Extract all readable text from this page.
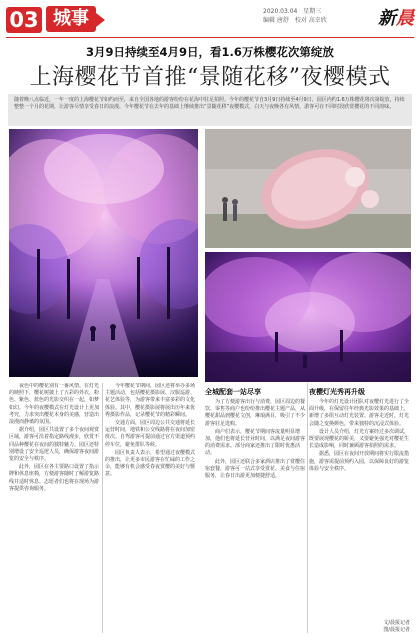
03 城事	2020.03.04 星期三
编辑 唐舒 校对 高幸欣	新晨
3月9日持续至4月9日，看1.6万株樱花次第绽放
上海樱花节首推“景随花移”夜樱模式
随着晚八点临近，一年一度的上海樱花节如约而至，来自全国各地的游客纷纷在花海中驻足拍照。今年的樱花节自3月9日持续至4月9日，园区内约1.6万株樱花将次第绽放，持续整整一个月的花期，让游客尽情享受春日的浪漫。今年樱花节在去年的基础上继续推出“景随花移”夜樱模式，白天与夜晚各有风情，游客可在不同时段欣赏樱花的不同韵味。

夜色中的樱花别有一番风情。在灯光的映照下，樱花树披上了五彩的外衣，粉色、紫色、蓝色的光影交织在一起，如梦如幻。今年的夜樱模式在灯光设计上更加考究，力求突出樱花本身的美感，营造出浪漫而静谧的氛围。

据介绍，园区共设置了多个夜间观赏区域，游客可沿着指定路线漫步，欣赏不同品种樱花在夜间的独特魅力。园区还特别增设了安全巡逻人员，确保游客夜间游览的安全与秩序。

此外，园区在各主要路口设置了指示牌和休息座椅，方便游客随时了解游览路线并适时休息。志愿者们也将在现场为游客提供咨询服务。

今年樱花节期间，园区还将举办多场主题活动，包括樱花摄影展、汉服巡游、花艺体验等，为游客带来丰富多彩的文化体验。其中，樱花摄影展将展出历年来优秀摄影作品，记录樱花节的精彩瞬间。

交通方面，园区周边公共交通将延长运营时间，地铁和公交线路将在夜间加密班次。自驾游客可提前通过官方渠道预约停车位，避免排队等候。

园区负责人表示，希望通过夜樱模式的推出，让更多市民游客在忙碌的工作之余，能够有机会感受春夜赏樱的美好与惬意。

全城配套一站尽享

为了方便游客出行与消费，园区周边的餐饮、零售等商户也纷纷推出樱花主题产品，从樱花甜品到樱花文创，琳琅满目，吸引了不少游客驻足选购。

商户们表示，樱花节期间客流量明显增加，他们也将延长营业时间，以满足夜间游客的消费需求。部分商家还推出了限时优惠活动。

此外，园区还联合多家酒店推出了赏樱住宿套餐，游客可一站式享受赏花、美食与住宿服务，让春日出游更加便捷舒适。

夜樱灯光秀再升级

今年的灯光设计团队对夜樱灯光进行了全面升级，在保留往年经典光影效果的基础上，新增了多组互动灯光装置。游客走近时，灯光会随之变换颜色，带来独特的沉浸式体验。

设计人员介绍，灯光方案经过多次调试，既要展现樱花的娇美，又要避免强光对樱花生长造成影响，同时兼顾游客拍照的需求。

据悉，园区在夜间开放期间将实行限流措施，游客需提前预约入园，以保障良好的游览体验与安全秩序。

文/晨报记者
图/晨报记者
